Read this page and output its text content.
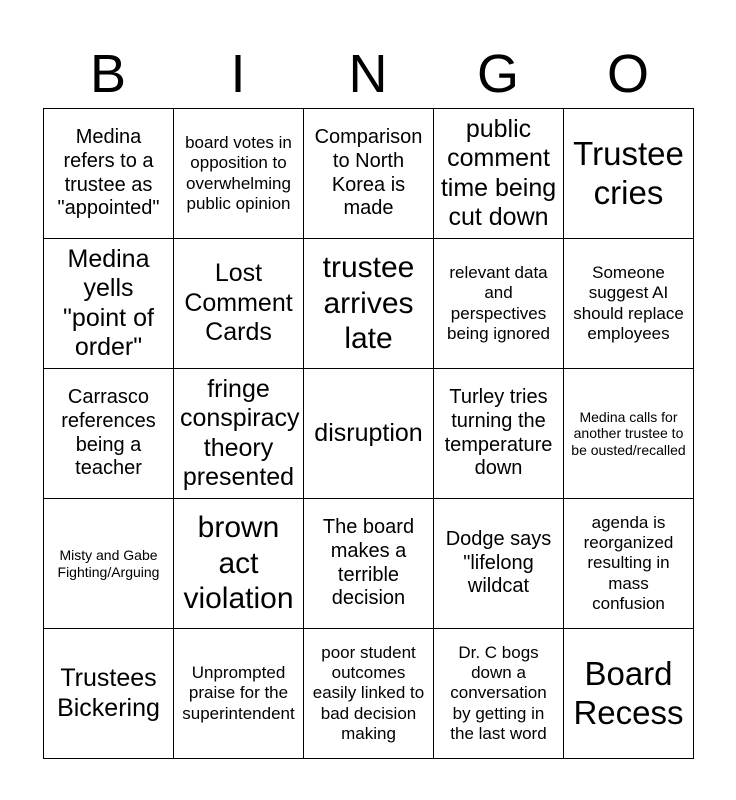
B	I	N	G	O
Medina refers to a trustee as "appointed"	board votes in opposition to overwhelming public opinion	Comparison to North Korea is made	public comment time being cut down	Trustee cries
Medina yells "point of order"	Lost Comment Cards	trustee arrives late	relevant data and perspectives being ignored	Someone suggest AI should replace employees
Carrasco references being a teacher	fringe conspiracy theory presented	disruption	Turley tries turning the temperature down	Medina calls for another trustee to be ousted/recalled
Misty and Gabe Fighting/Arguing	brown act violation	The board makes a terrible decision	Dodge says "lifelong wildcat	agenda is reorganized resulting in mass confusion
Trustees Bickering	Unprompted praise for the superintendent	poor student outcomes easily linked to bad decision making	Dr. C bogs down a conversation by getting in the last word	Board Recess
